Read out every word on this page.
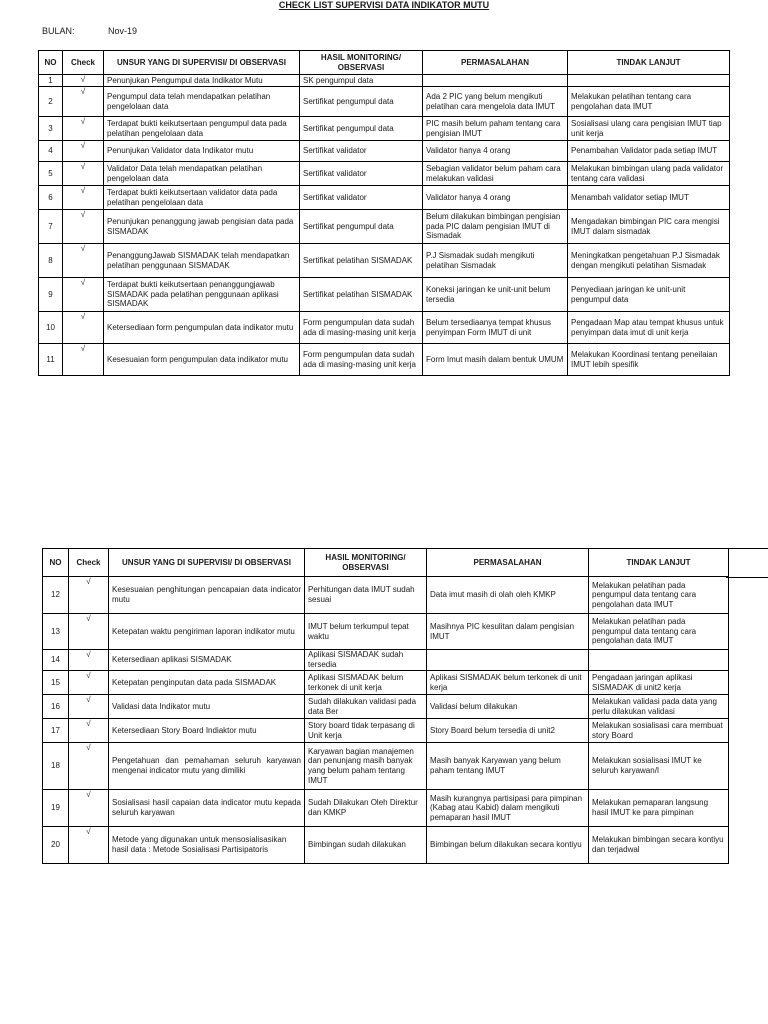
CHECK LIST SUPERVISI DATA INDIKATOR MUTU
BULAN:	Nov-19
NO	Check	UNSUR YANG DI SUPERVISI/ DI OBSERVASI	HASIL MONITORING/ OBSERVASI	PERMASALAHAN	TINDAK LANJUT
1	√	Penunjukan Pengumpul data Indikator Mutu	SK pengumpul data		
2	√	Pengumpul data telah mendapatkan pelatihan pengelolaan data	Sertifikat pengumpul data	Ada 2 PIC yang belum mengikuti pelatihan cara mengelola data IMUT	Melakukan pelatihan tentang cara pengolahan data IMUT
3	√	Terdapat bukti keikutsertaan pengumpul data pada pelatihan pengelolaan data	Sertifikat pengumpul data	PIC masih belum paham tentang cara pengisian IMUT	Sosialisasi ulang cara pengisian IMUT tiap unit kerja
4	√	Penunjukan Validator data Indikator mutu	Sertifikat validator	Validator hanya 4 orang	Penambahan Validator pada setiap IMUT
5	√	Validator Data telah mendapatkan pelatihan pengelolaan data	Sertifikat validator	Sebagian validator belum paham cara melakukan validasi	Melakukan bimbingan ulang pada validator tentang cara validasi
6	√	Terdapat bukti keikutsertaan validator data pada pelatihan pengelolaan data	Sertifikat validator	Validator hanya 4 orang	Menambah validator setiap IMUT
7	√	Penunjukan penanggung jawab pengisian data pada SISMADAK	Sertifikat pengumpul data	Belum dilakukan bimbingan pengisian pada PIC dalam pengisian IMUT di Sismadak	Mengadakan bimbingan PIC cara mengisi IMUT dalam sismadak
8	√	PenanggungJawab SISMADAK telah mendapatkan pelatihan penggunaan SISMADAK	Sertifikat pelatihan SISMADAK	P.J Sismadak sudah mengikuti pelatihan Sismadak	Meningkatkan pengetahuan P.J Sismadak dengan mengikuti pelatihan Sismadak
9	√	Terdapat bukti keikutsertaan penanggungjawab SISMADAK pada pelatihan penggunaan aplikasi SISMADAK	Sertifikat pelatihan SISMADAK	Koneksi jaringan ke unit-unit belum tersedia	Penyediaan jaringan ke unit-unit pengumpul data
10	√	Ketersediaan form pengumpulan data indikator mutu	Form pengumpulan data sudah ada di masing-masing unit kerja	Belum tersediaanya tempat khusus penyimpan Form IMUT di unit	Pengadaan Map atau tempat khusus untuk penyimpan data imut di unit kerja
11	√	Kesesuaian form pengumpulan data indikator mutu	Form pengumpulan data sudah ada di masing-masing unit kerja	Form Imut masih dalam bentuk UMUM	Melakukan Koordinasi tentang peneilaian IMUT lebih spesifik
NO	Check	UNSUR YANG DI SUPERVISI/ DI OBSERVASI	HASIL MONITORING/ OBSERVASI	PERMASALAHAN	TINDAK LANJUT
12	√	Kesesuaian penghitungan pencapaian data indicator mutu	Perhitungan data IMUT sudah sesuai	Data imut masih di olah oleh KMKP	Melakukan pelatihan pada pengumpul data tentang cara pengolahan data IMUT
13	√	Ketepatan waktu pengiriman laporan indikator mutu	IMUT belum terkumpul tepat waktu	Masihnya PIC kesulitan dalam pengisian IMUT	Melakukan pelatihan pada pengumpul data tentang cara pengolahan data IMUT
14	√	Ketersediaan aplikasi SISMADAK	Aplikasi SISMADAK sudah tersedia		
15	√	Ketepatan penginputan data pada SISMADAK	Aplikasi SISMADAK belum terkonek di unit kerja	Aplikasi SISMADAK belum terkonek di unit kerja	Pengadaan jaringan aplikasi SISMADAK di unit2 kerja
16	√	Validasi data Indikator mutu	Sudah dilakukan validasi pada data Ber	Validasi belum dilakukan	Melakukan validasi pada data yang perlu dilakukan validasi
17	√	Ketersediaan Story Board Indiaktor mutu	Story board tidak terpasang di Unit kerja	Story Board belum tersedia di unit2	Melakukan sosialisasi cara membuat story Board
18	√	Pengetahuan dan pemahaman seluruh karyawan mengenai indicator mutu yang dimiliki	Karyawan bagian manajemen dan penunjang masih banyak yang belum paham tentang IMUT	Masih banyak Karyawan yang belum paham tentang IMUT	Melakukan sosialisasi IMUT ke seluruh karyawan/I
19	√	Sosialisasi hasil capaian data indicator mutu kepada seluruh karyawan	Sudah Dilakukan Oleh Direktur dan KMKP	Masih kurangnya partisipasi para pimpinan (Kabag atau Kabid) dalam mengikuti pemaparan hasil IMUT	Melakukan pemaparan langsung hasil IMUT ke para pimpinan
20	√	Metode yang digunakan untuk mensosialisasikan hasil data : Metode Sosialisasi Partisipatoris	Bimbingan sudah dilakukan	Bimbingan belum dilakukan secara kontiyu	Melakukan bimbingan secara kontiyu dan terjadwal
